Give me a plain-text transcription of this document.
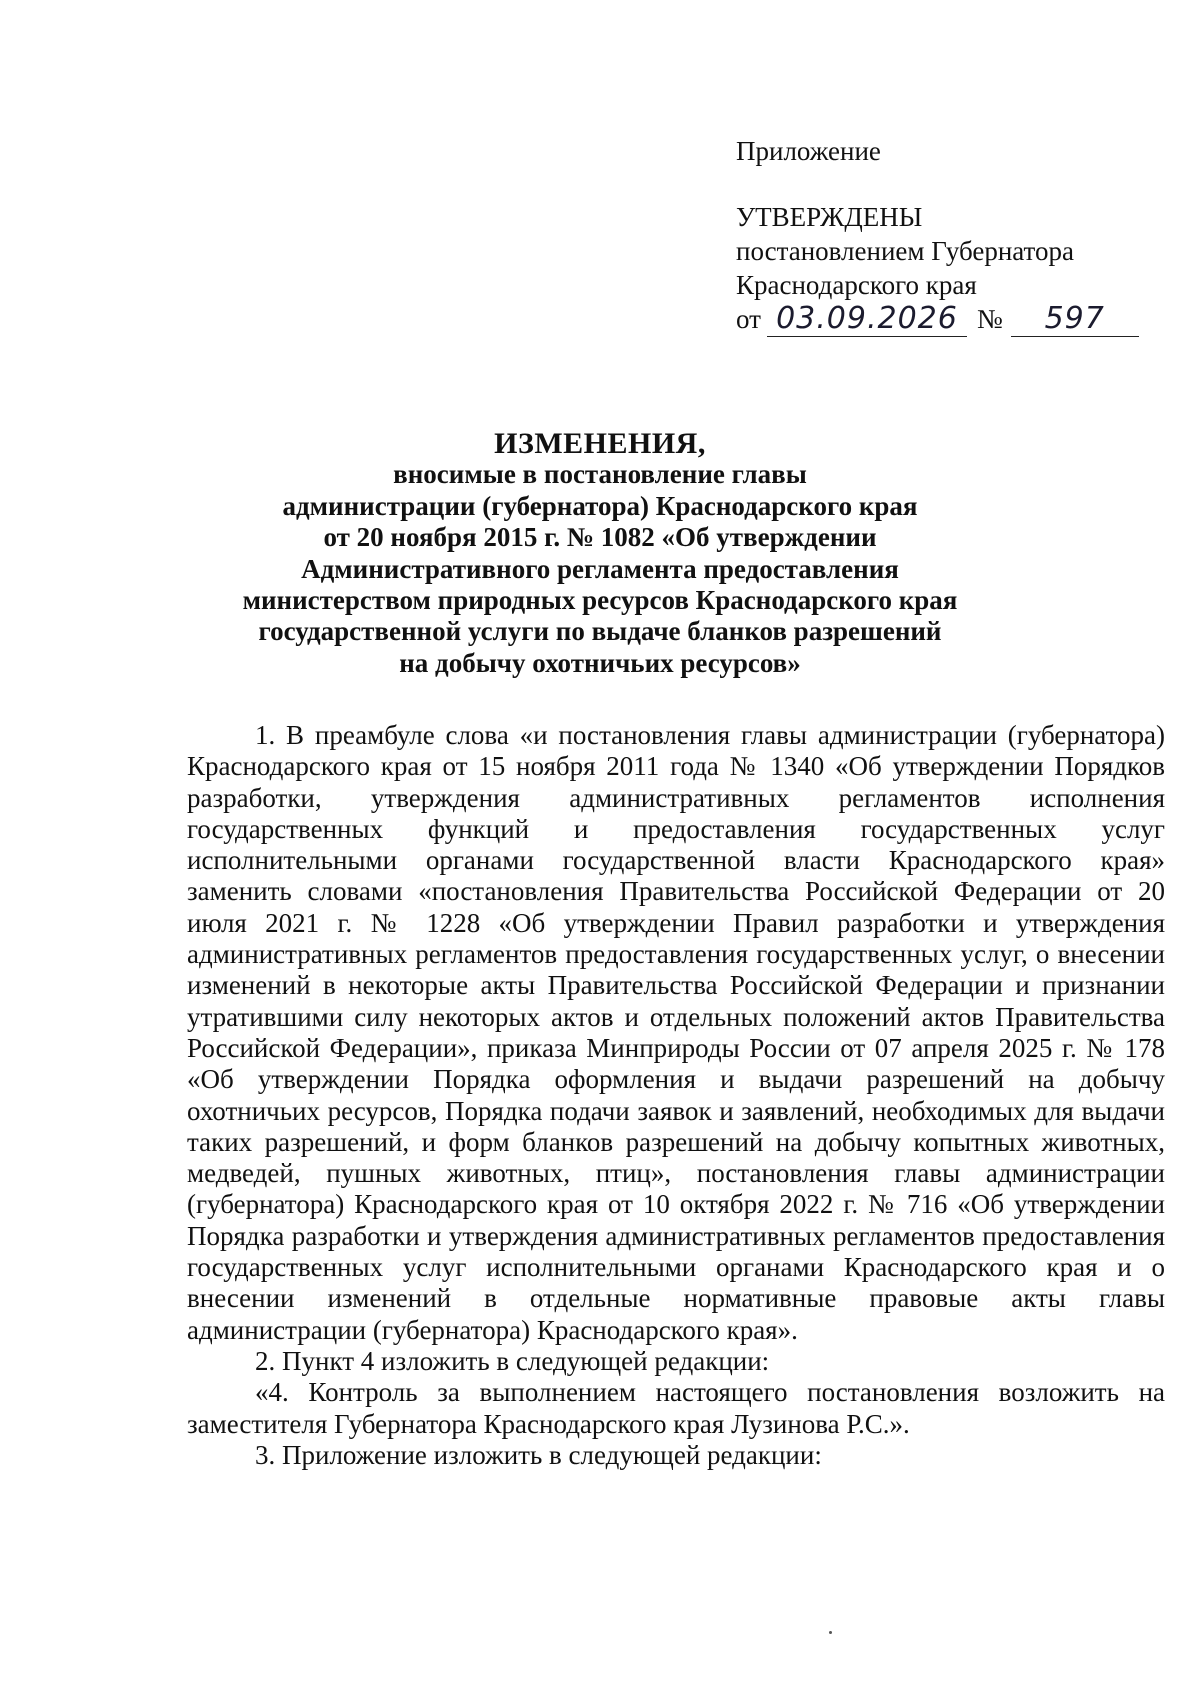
Приложение
УТВЕРЖДЕНЫ
постановлением Губернатора
Краснодарского края
от 03.09.2026 №	597
ИЗМЕНЕНИЯ,
вносимые в постановление главы
администрации (губернатора) Краснодарского края
от 20 ноября 2015 г. № 1082 «Об утверждении
Административного регламента предоставления
министерством природных ресурсов Краснодарского края
государственной услуги по выдаче бланков разрешений
на добычу охотничьих ресурсов»

1. В преамбуле слова «и постановления главы администрации (губернатора) Краснодарского края от 15 ноября 2011 года № 1340 «Об утверждении Порядков разработки, утверждения административных регламентов исполнения государственных функций и предоставления государственных услуг исполнительными органами государственной власти Краснодарского края» заменить словами «постановления Правительства Российской Федерации от 20 июля 2021 г. № 1228 «Об утверждении Правил разработки и утверждения административных регламентов предоставления государственных услуг, о внесении изменений в некоторые акты Правительства Российской Федерации и признании утратившими силу некоторых актов и отдельных положений актов Правительства Российской Федерации», приказа Минприроды России от 07 апреля 2025 г. № 178 «Об утверждении Порядка оформления и выдачи разрешений на добычу охотничьих ресурсов, Порядка подачи заявок и заявлений, необходимых для выдачи таких разрешений, и форм бланков разрешений на добычу копытных животных, медведей, пушных животных, птиц», постановления главы администрации (губернатора) Краснодарского края от 10 октября 2022 г. № 716 «Об утверждении Порядка разработки и утверждения административных регламентов предоставления государственных услуг исполнительными органами Краснодарского края и о внесении изменений в отдельные нормативные правовые акты главы администрации (губернатора) Краснодарского края».

2. Пункт 4 изложить в следующей редакции:

«4. Контроль за выполнением настоящего постановления возложить на заместителя Губернатора Краснодарского края Лузинова Р.С.».

3. Приложение изложить в следующей редакции:
